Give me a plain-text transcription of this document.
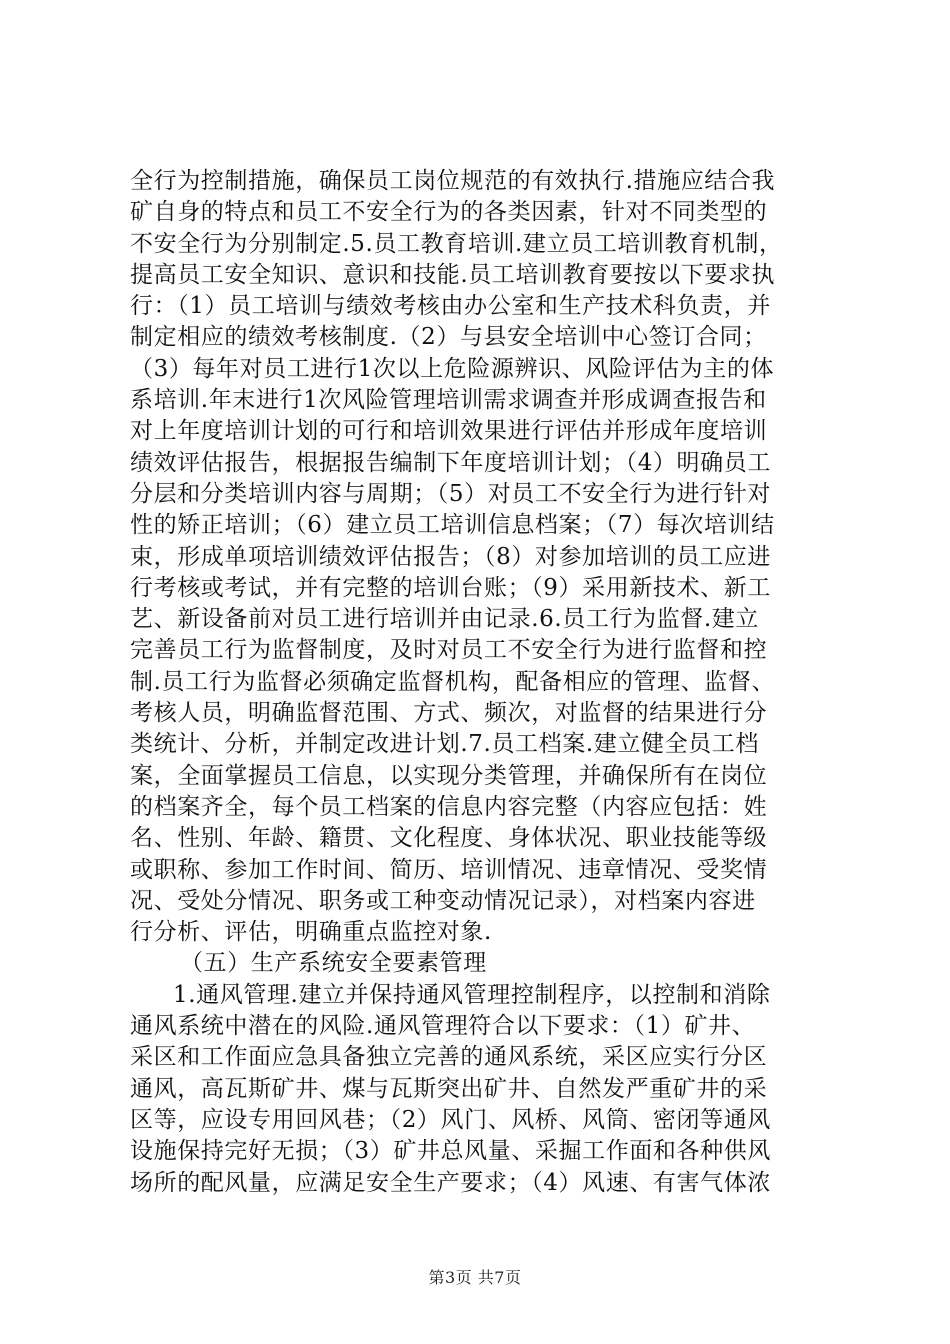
全行为控制措施，确保员工岗位规范的有效执行.措施应结合我
矿自身的特点和员工不安全行为的各类因素，针对不同类型的
不安全行为分别制定.5.员工教育培训.建立员工培训教育机制，
提高员工安全知识、意识和技能.员工培训教育要按以下要求执
行：（1）员工培训与绩效考核由办公室和生产技术科负责，并
制定相应的绩效考核制度.（2）与县安全培训中心签订合同；
（3）每年对员工进行1次以上危险源辨识、风险评估为主的体
系培训.年末进行1次风险管理培训需求调查并形成调查报告和
对上年度培训计划的可行和培训效果进行评估并形成年度培训
绩效评估报告，根据报告编制下年度培训计划；（4）明确员工
分层和分类培训内容与周期；（5）对员工不安全行为进行针对
性的矫正培训；（6）建立员工培训信息档案；（7）每次培训结
束，形成单项培训绩效评估报告；（8）对参加培训的员工应进
行考核或考试，并有完整的培训台账；（9）采用新技术、新工
艺、新设备前对员工进行培训并由记录.6.员工行为监督.建立
完善员工行为监督制度，及时对员工不安全行为进行监督和控
制.员工行为监督必须确定监督机构，配备相应的管理、监督、
考核人员，明确监督范围、方式、频次，对监督的结果进行分
类统计、分析，并制定改进计划.7.员工档案.建立健全员工档
案，全面掌握员工信息，以实现分类管理，并确保所有在岗位
的档案齐全，每个员工档案的信息内容完整（内容应包括：姓
名、性别、年龄、籍贯、文化程度、身体状况、职业技能等级
或职称、参加工作时间、简历、培训情况、违章情况、受奖情
况、受处分情况、职务或工种变动情况记录），对档案内容进
行分析、评估，明确重点监控对象.
（五）生产系统安全要素管理
1.通风管理.建立并保持通风管理控制程序，以控制和消除
通风系统中潜在的风险.通风管理符合以下要求：（1）矿井、
采区和工作面应急具备独立完善的通风系统，采区应实行分区
通风，高瓦斯矿井、煤与瓦斯突出矿井、自然发严重矿井的采
区等，应设专用回风巷；（2）风门、风桥、风筒、密闭等通风
设施保持完好无损；（3）矿井总风量、采掘工作面和各种供风
场所的配风量，应满足安全生产要求；（4）风速、有害气体浓
第3页 共7页
